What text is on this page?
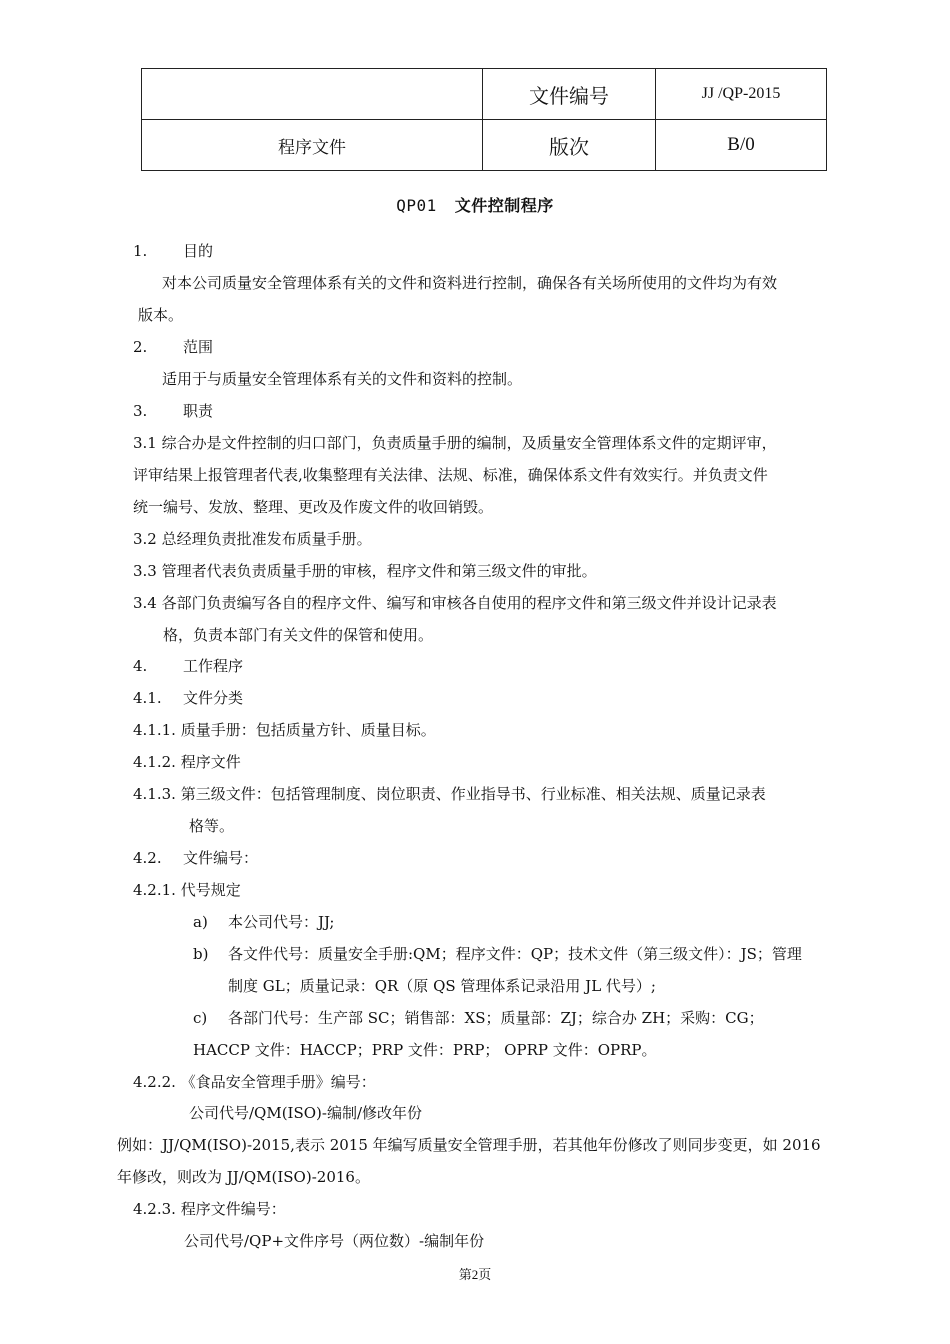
	文件编号	JJ /QP-2015
程序文件	版次	B/0
QP01 文件控制程序
1. 目的
对本公司质量安全管理体系有关的文件和资料进行控制，确保各有关场所使用的文件均为有效
版本。
2. 范围
适用于与质量安全管理体系有关的文件和资料的控制。
3. 职责
3.1 综合办是文件控制的归口部门，负责质量手册的编制，及质量安全管理体系文件的定期评审，
评审结果上报管理者代表,收集整理有关法律、法规、标准，确保体系文件有效实行。并负责文件
统一编号、发放、整理、更改及作废文件的收回销毁。
3.2 总经理负责批准发布质量手册。
3.3 管理者代表负责质量手册的审核，程序文件和第三级文件的审批。
3.4 各部门负责编写各自的程序文件、编写和审核各自使用的程序文件和第三级文件并设计记录表
格，负责本部门有关文件的保管和使用。
4. 工作程序
4.1. 文件分类
4.1.1. 质量手册：包括质量方针、质量目标。
4.1.2. 程序文件
4.1.3. 第三级文件：包括管理制度、岗位职责、作业指导书、行业标准、相关法规、质量记录表
格等。
4.2. 文件编号：
4.2.1. 代号规定
a) 本公司代号：JJ;
b) 各文件代号：质量安全手册:QM；程序文件：QP；技术文件（第三级文件）：JS；管理
制度 GL；质量记录：QR（原 QS 管理体系记录沿用 JL 代号）;
c) 各部门代号：生产部 SC；销售部：XS；质量部：ZJ；综合办 ZH；采购：CG；
HACCP 文件：HACCP；PRP 文件：PRP； OPRP 文件：OPRP。
4.2.2. 《食品安全管理手册》编号：
公司代号/QM(ISO)-编制/修改年份
例如：JJ/QM(ISO)-2015,表示 2015 年编写质量安全管理手册，若其他年份修改了则同步变更，如 2016
年修改，则改为 JJ/QM(ISO)-2016。
4.2.3. 程序文件编号：
公司代号/QP+文件序号（两位数）-编制年份
第2页
